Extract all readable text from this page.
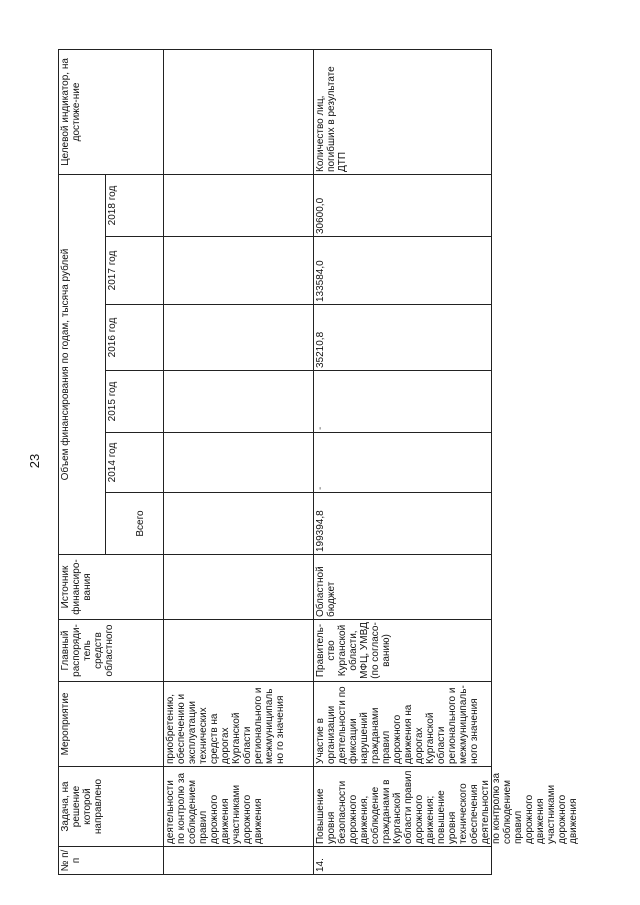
23
№ п/п	Задача, на решение которой направлено	Мероприятие	Главный распоряди-тель средств областного	Источник финансиро-вания	Объем финансирования по годам, тысяча рублей						Целевой индикатор, на достиже-ние

					Всего	2014 год	2015 год	2016 год	2017 год	2018 год	

	деятельности по контролю за соблюдением правил дорожного движения участниками дорожного движения	приобретению, обеспечению и эксплуатации технических средств на дорогах Курганской области регионального и межмуниципально го значения									

14.	Повышение уровня безопасности дорожного движения, соблюдение гражданами в Курганской области правил дорожного движения; повышение уровня технического обеспечения деятельности по контролю за соблюдением правил дорожного движения участниками дорожного движения	Участие в организации деятельности по фиксации нарушений гражданами правил дорожного движения на дорогах Курганской области регионального и межмуниципаль-ного значения	Правитель-ство Курганской области, МФЦ, УМВД (по согласо-ванию)	Областной бюджет	199394,8	-	-	35210,8	133584,0	30600,0	Количество лиц, погибших в результате ДТП
